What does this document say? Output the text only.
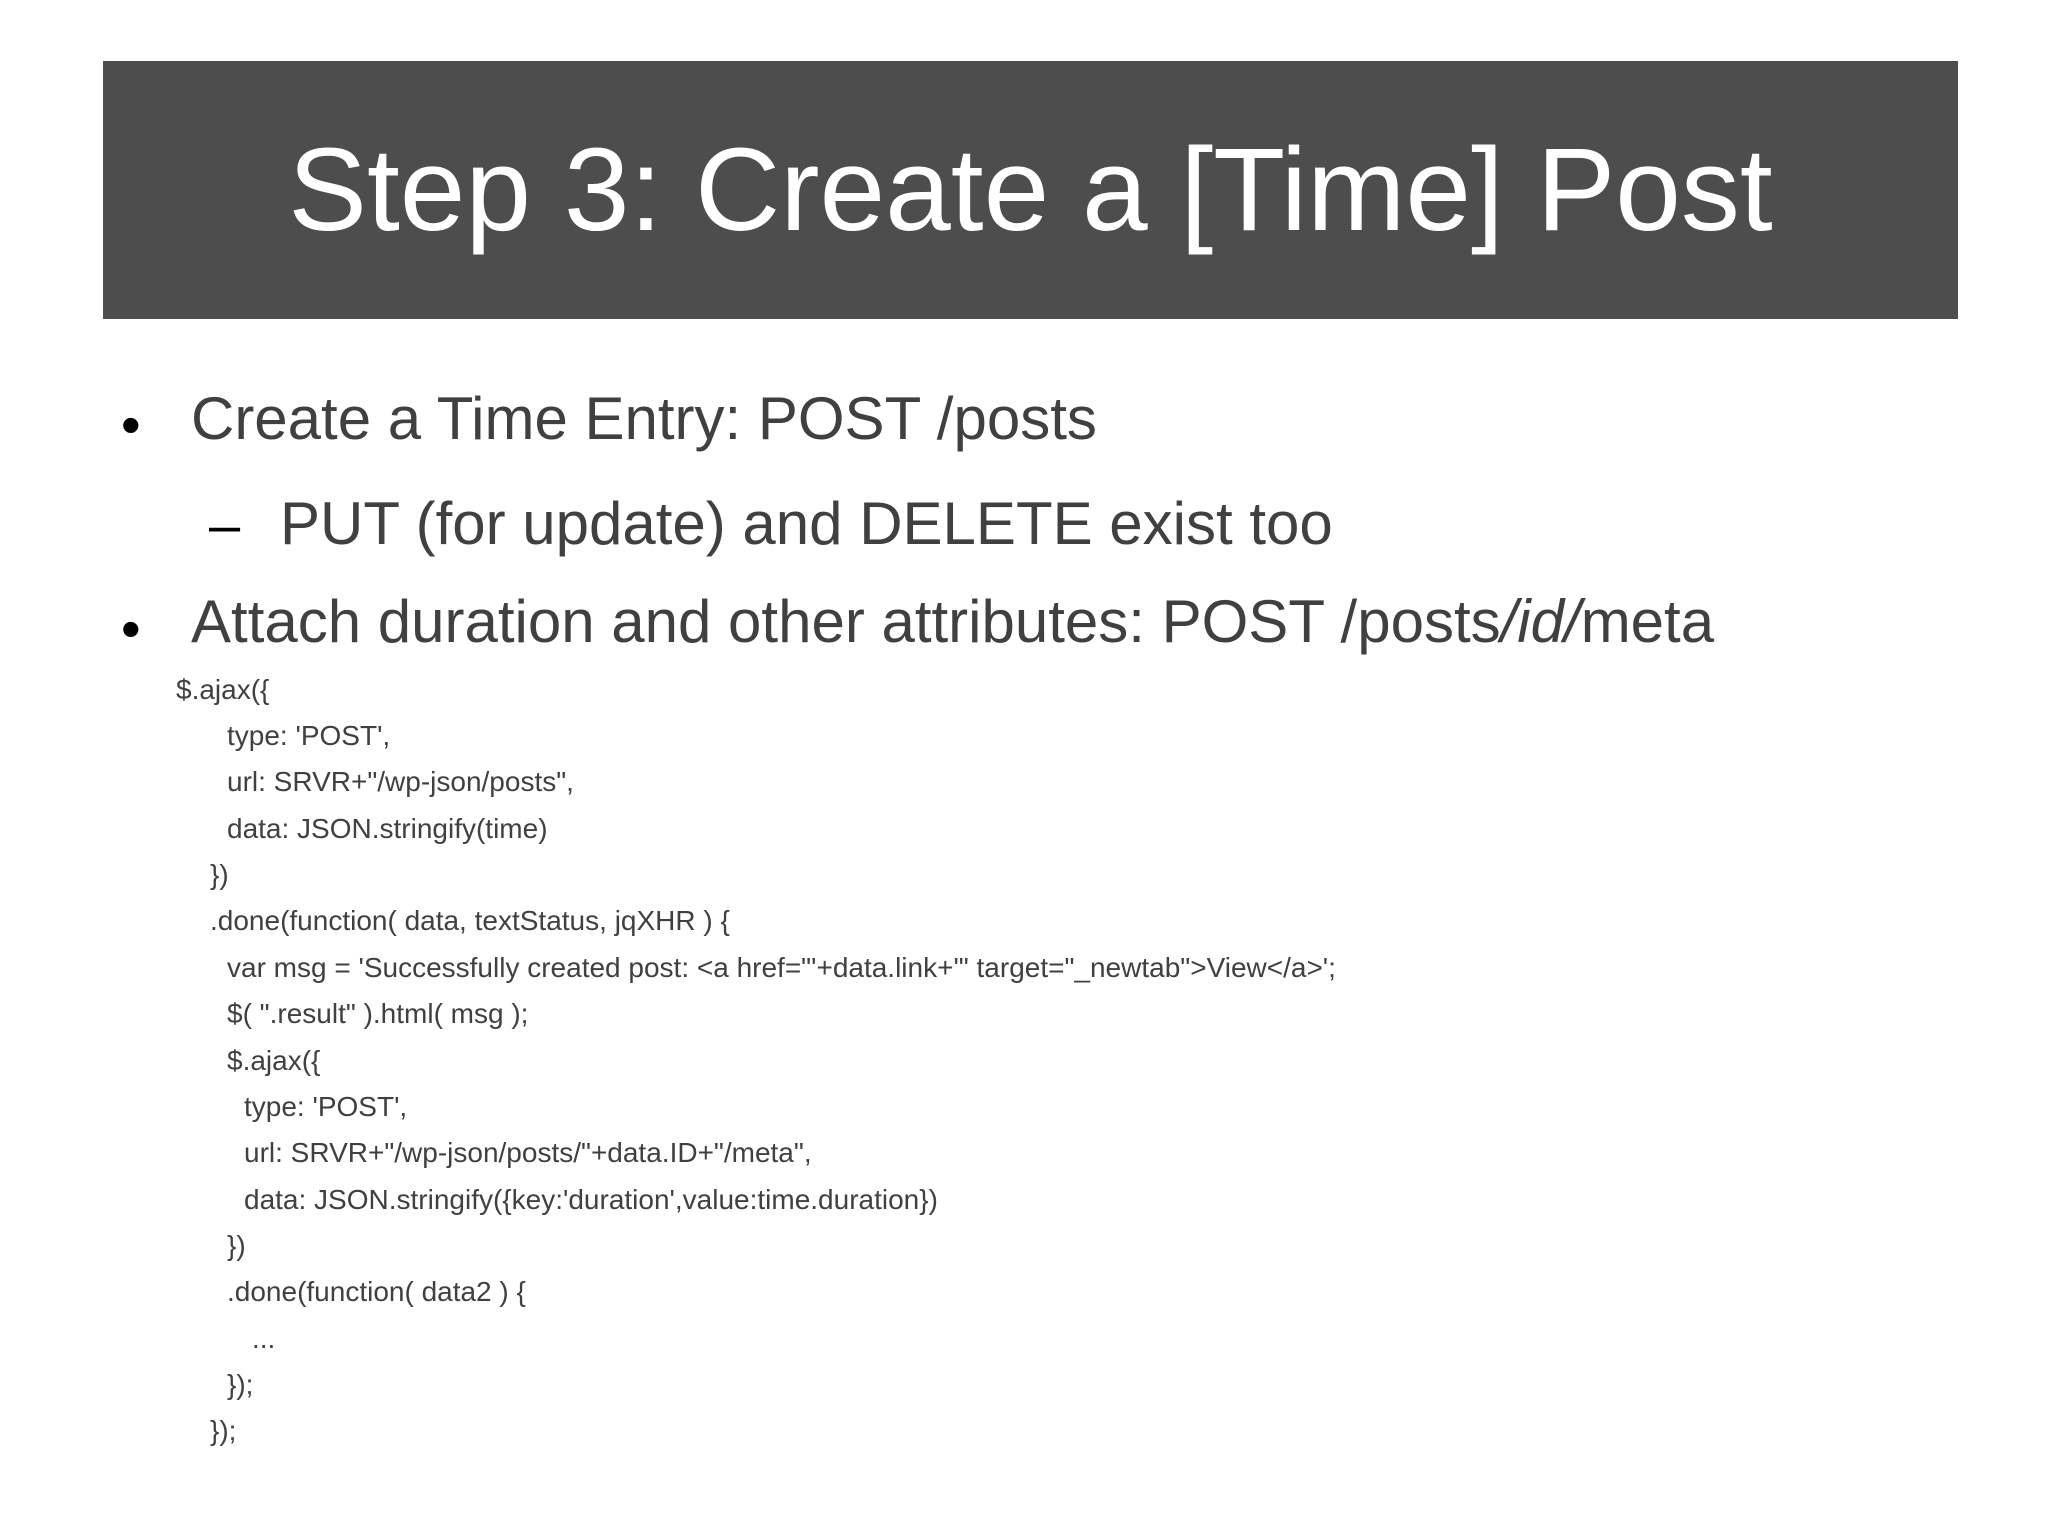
Step 3: Create a [Time] Post
• Create a Time Entry: POST /posts
– PUT (for update) and DELETE exist too
• Attach duration and other attributes: POST /posts/id/meta
$.ajax({
type: 'POST',
url: SRVR+"/wp-json/posts",
data: JSON.stringify(time)
})
.done(function( data, textStatus, jqXHR ) {
var msg = 'Successfully created post: <a href="'+data.link+'" target="_newtab">View</a>';
$( ".result" ).html( msg );
$.ajax({
type: 'POST',
url: SRVR+"/wp-json/posts/"+data.ID+"/meta",
data: JSON.stringify({key:'duration',value:time.duration})
})
.done(function( data2 ) {
...
});
});
